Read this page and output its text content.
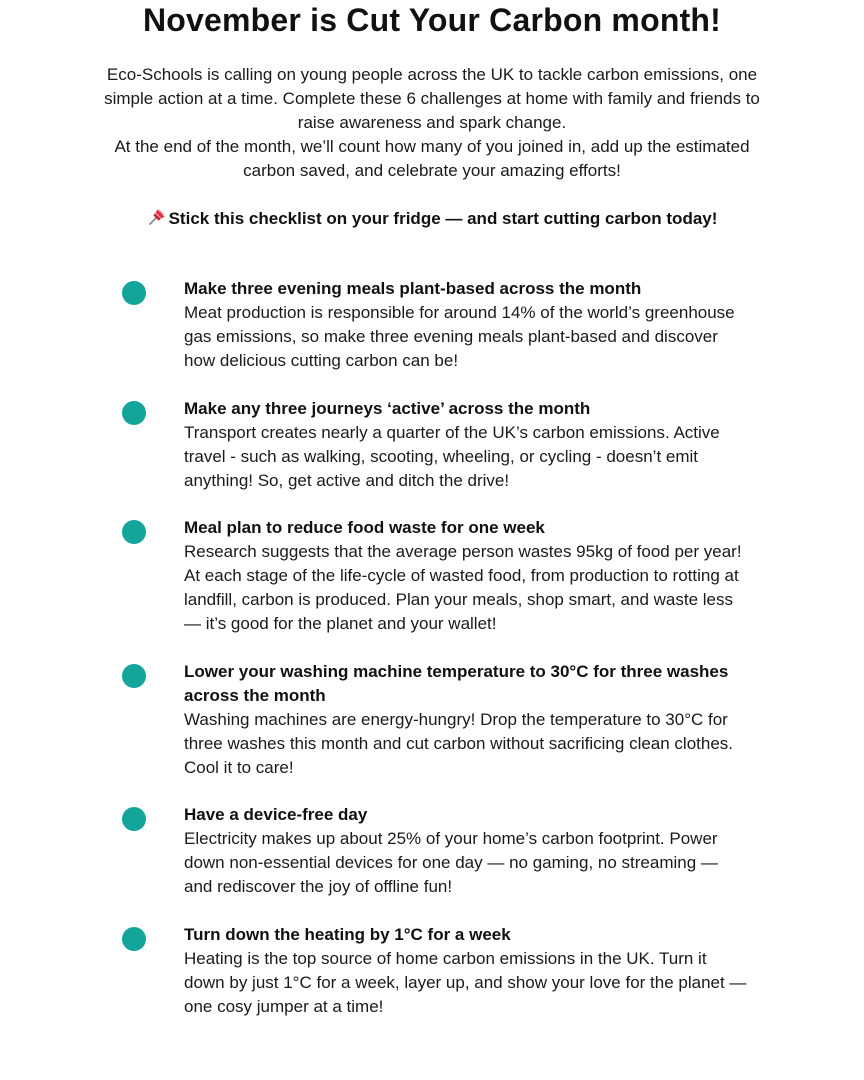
November is Cut Your Carbon month!

Eco-Schools is calling on young people across the UK to tackle carbon emissions, one simple action at a time. Complete these 6 challenges at home with family and friends to raise awareness and spark change.

At the end of the month, we’ll count how many of you joined in, add up the estimated carbon saved, and celebrate your amazing efforts!

Stick this checklist on your fridge — and start cutting carbon today!

Make three evening meals plant-based across the month

Meat production is responsible for around 14% of the world’s greenhouse gas emissions, so make three evening meals plant-based and discover how delicious cutting carbon can be!

Make any three journeys ‘active’ across the month

Transport creates nearly a quarter of the UK’s carbon emissions. Active travel - such as walking, scooting, wheeling, or cycling - doesn’t emit anything! So, get active and ditch the drive!

Meal plan to reduce food waste for one week

Research suggests that the average person wastes 95kg of food per year! At each stage of the life-cycle of wasted food, from production to rotting at landfill, carbon is produced. Plan your meals, shop smart, and waste less — it’s good for the planet and your wallet!

Lower your washing machine temperature to 30°C for three washes across the month

Washing machines are energy-hungry! Drop the temperature to 30°C for three washes this month and cut carbon without sacrificing clean clothes. Cool it to care!

Have a device-free day

Electricity makes up about 25% of your home’s carbon footprint. Power down non-essential devices for one day — no gaming, no streaming — and rediscover the joy of offline fun!

Turn down the heating by 1°C for a week

Heating is the top source of home carbon emissions in the UK. Turn it down by just 1°C for a week, layer up, and show your love for the planet — one cosy jumper at a time!
